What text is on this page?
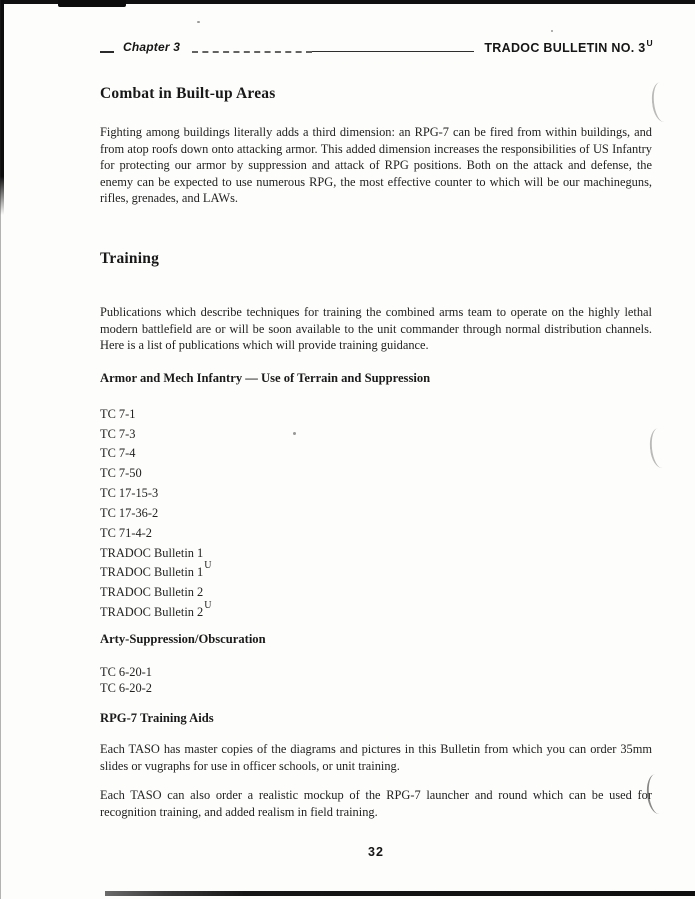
Chapter 3	TRADOC BULLETIN NO. $3^U$
Combat in Built-up Areas

Fighting among buildings literally adds a third dimension: an RPG-7 can be fired from within buildings, and from atop roofs down onto attacking armor. This added dimension increases the responsibilities of US Infantry for protecting our armor by suppression and attack of RPG positions. Both on the attack and defense, the enemy can be expected to use numerous RPG, the most effective counter to which will be our machineguns, rifles, grenades, and LAWs.

Training

Publications which describe techniques for training the combined arms team to operate on the highly lethal modern battlefield are or will be soon available to the unit commander through normal distribution channels. Here is a list of publications which will provide training guidance.

Armor and Mech Infantry — Use of Terrain and Suppression
TC 7-1
TC 7-3
TC 7-4
TC 7-50
TC 17-15-3
TC 17-36-2
TC 71-4-2
TRADOC Bulletin 1
TRADOC Bulletin $1^U$
TRADOC Bulletin 2
TRADOC Bulletin $2^U$
Arty-Suppression/Obscuration
TC 6-20-1
TC 6-20-2
RPG-7 Training Aids

Each TASO has master copies of the diagrams and pictures in this Bulletin from which you can order 35mm slides or vugraphs for use in officer schools, or unit training.

Each TASO can also order a realistic mockup of the RPG-7 launcher and round which can be used for recognition training, and added realism in field training.

32
